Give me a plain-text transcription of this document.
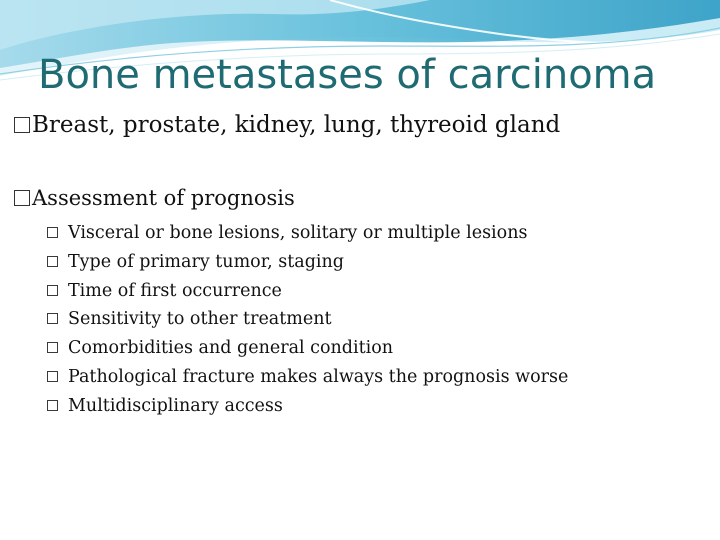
Bone metastases of carcinoma
Breast, prostate, kidney, lung, thyreoid gland
Assessment of prognosis
Visceral or bone lesions, solitary or multiple lesions
Type of primary tumor, staging
Time of first occurrence
Sensitivity to other treatment
Comorbidities and general condition
Pathological fracture makes always the prognosis worse
Multidisciplinary access
